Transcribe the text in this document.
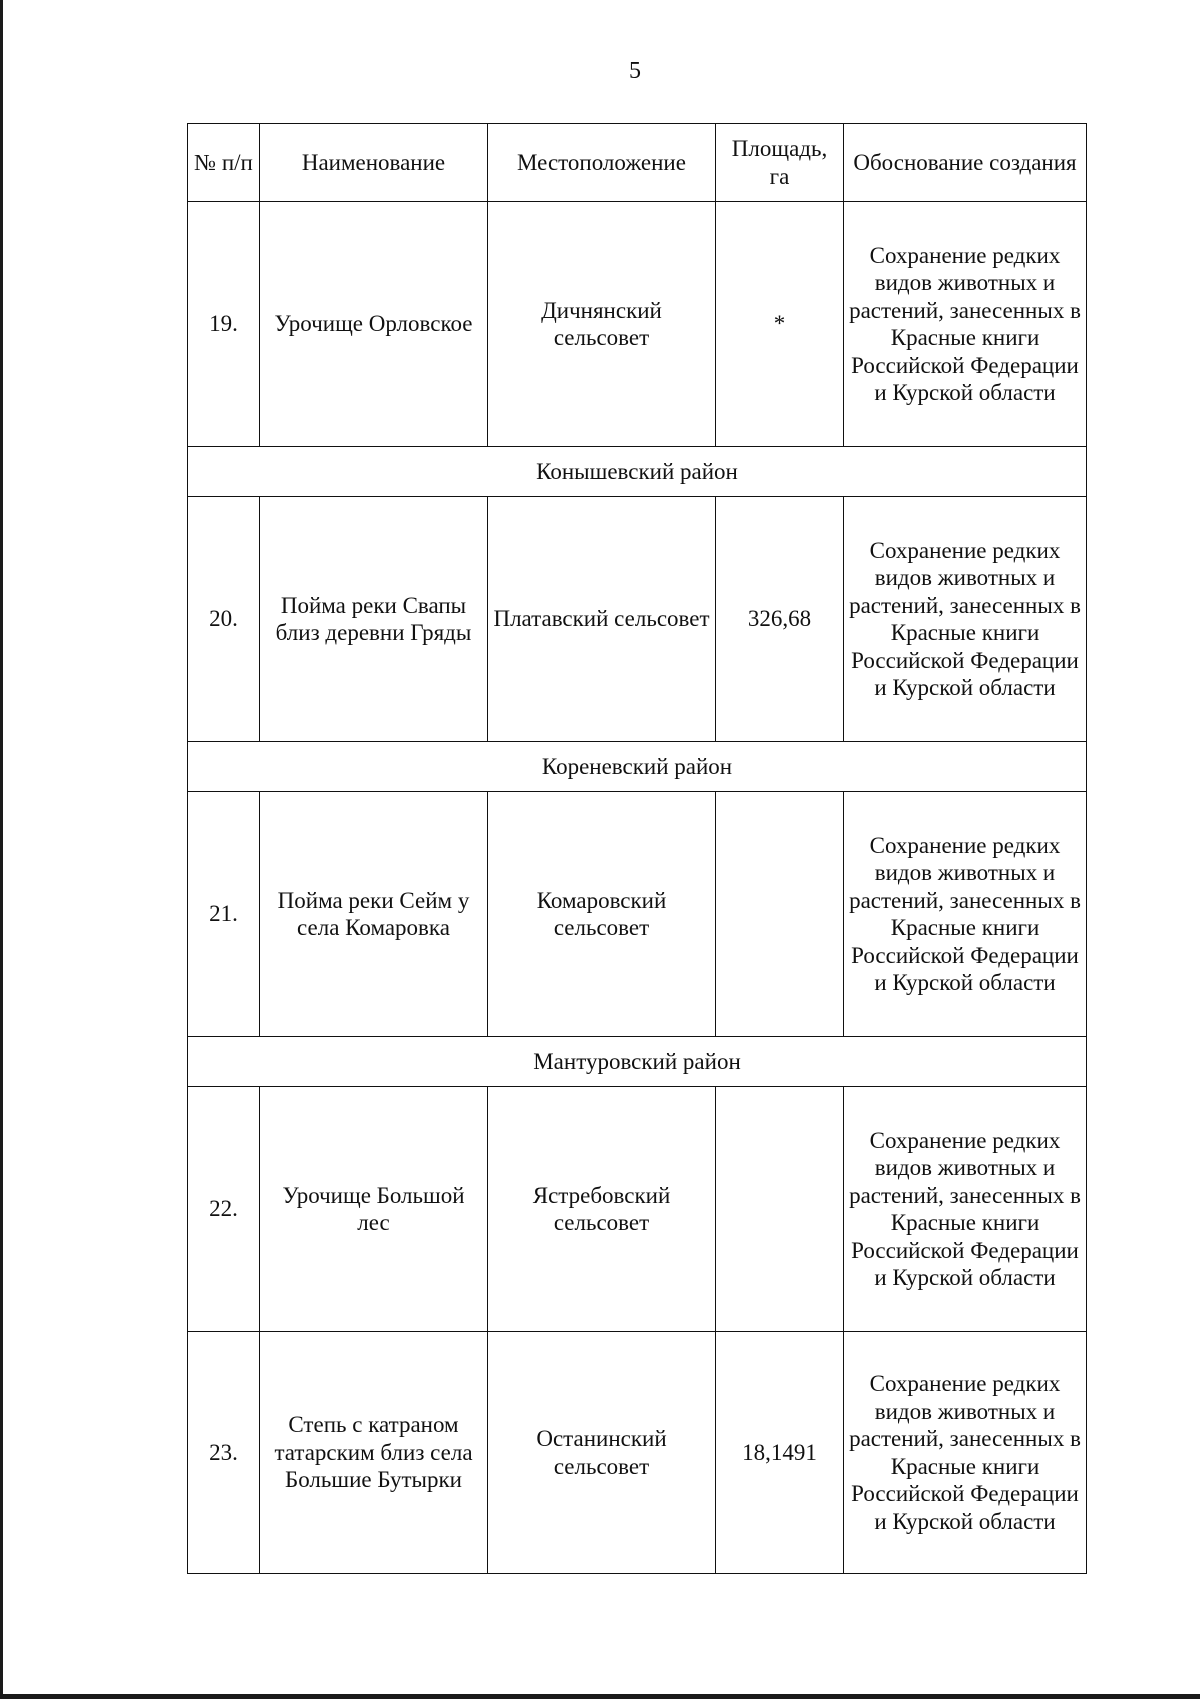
5
№ п/п	Наименование	Местоположение	Площадь, га	Обоснование создания
19.	Урочище Орловское	Дичнянский сельсовет	*	Сохранение редких видов животных и растений, занесенных в Красные книги Российской Федерации и Курской области
Конышевский район				
20.	Пойма реки Свапы близ деревни Гряды	Платавский сельсовет	326,68	Сохранение редких видов животных и растений, занесенных в Красные книги Российской Федерации и Курской области
Кореневский район				
21.	Пойма реки Сейм у села Комаровка	Комаровский сельсовет		Сохранение редких видов животных и растений, занесенных в Красные книги Российской Федерации и Курской области
Мантуровский район				
22.	Урочище Большой лес	Ястребовский сельсовет		Сохранение редких видов животных и растений, занесенных в Красные книги Российской Федерации и Курской области
23.	Степь с катраном татарским близ села Большие Бутырки	Останинский сельсовет	18,1491	Сохранение редких видов животных и растений, занесенных в Красные книги Российской Федерации и Курской области
